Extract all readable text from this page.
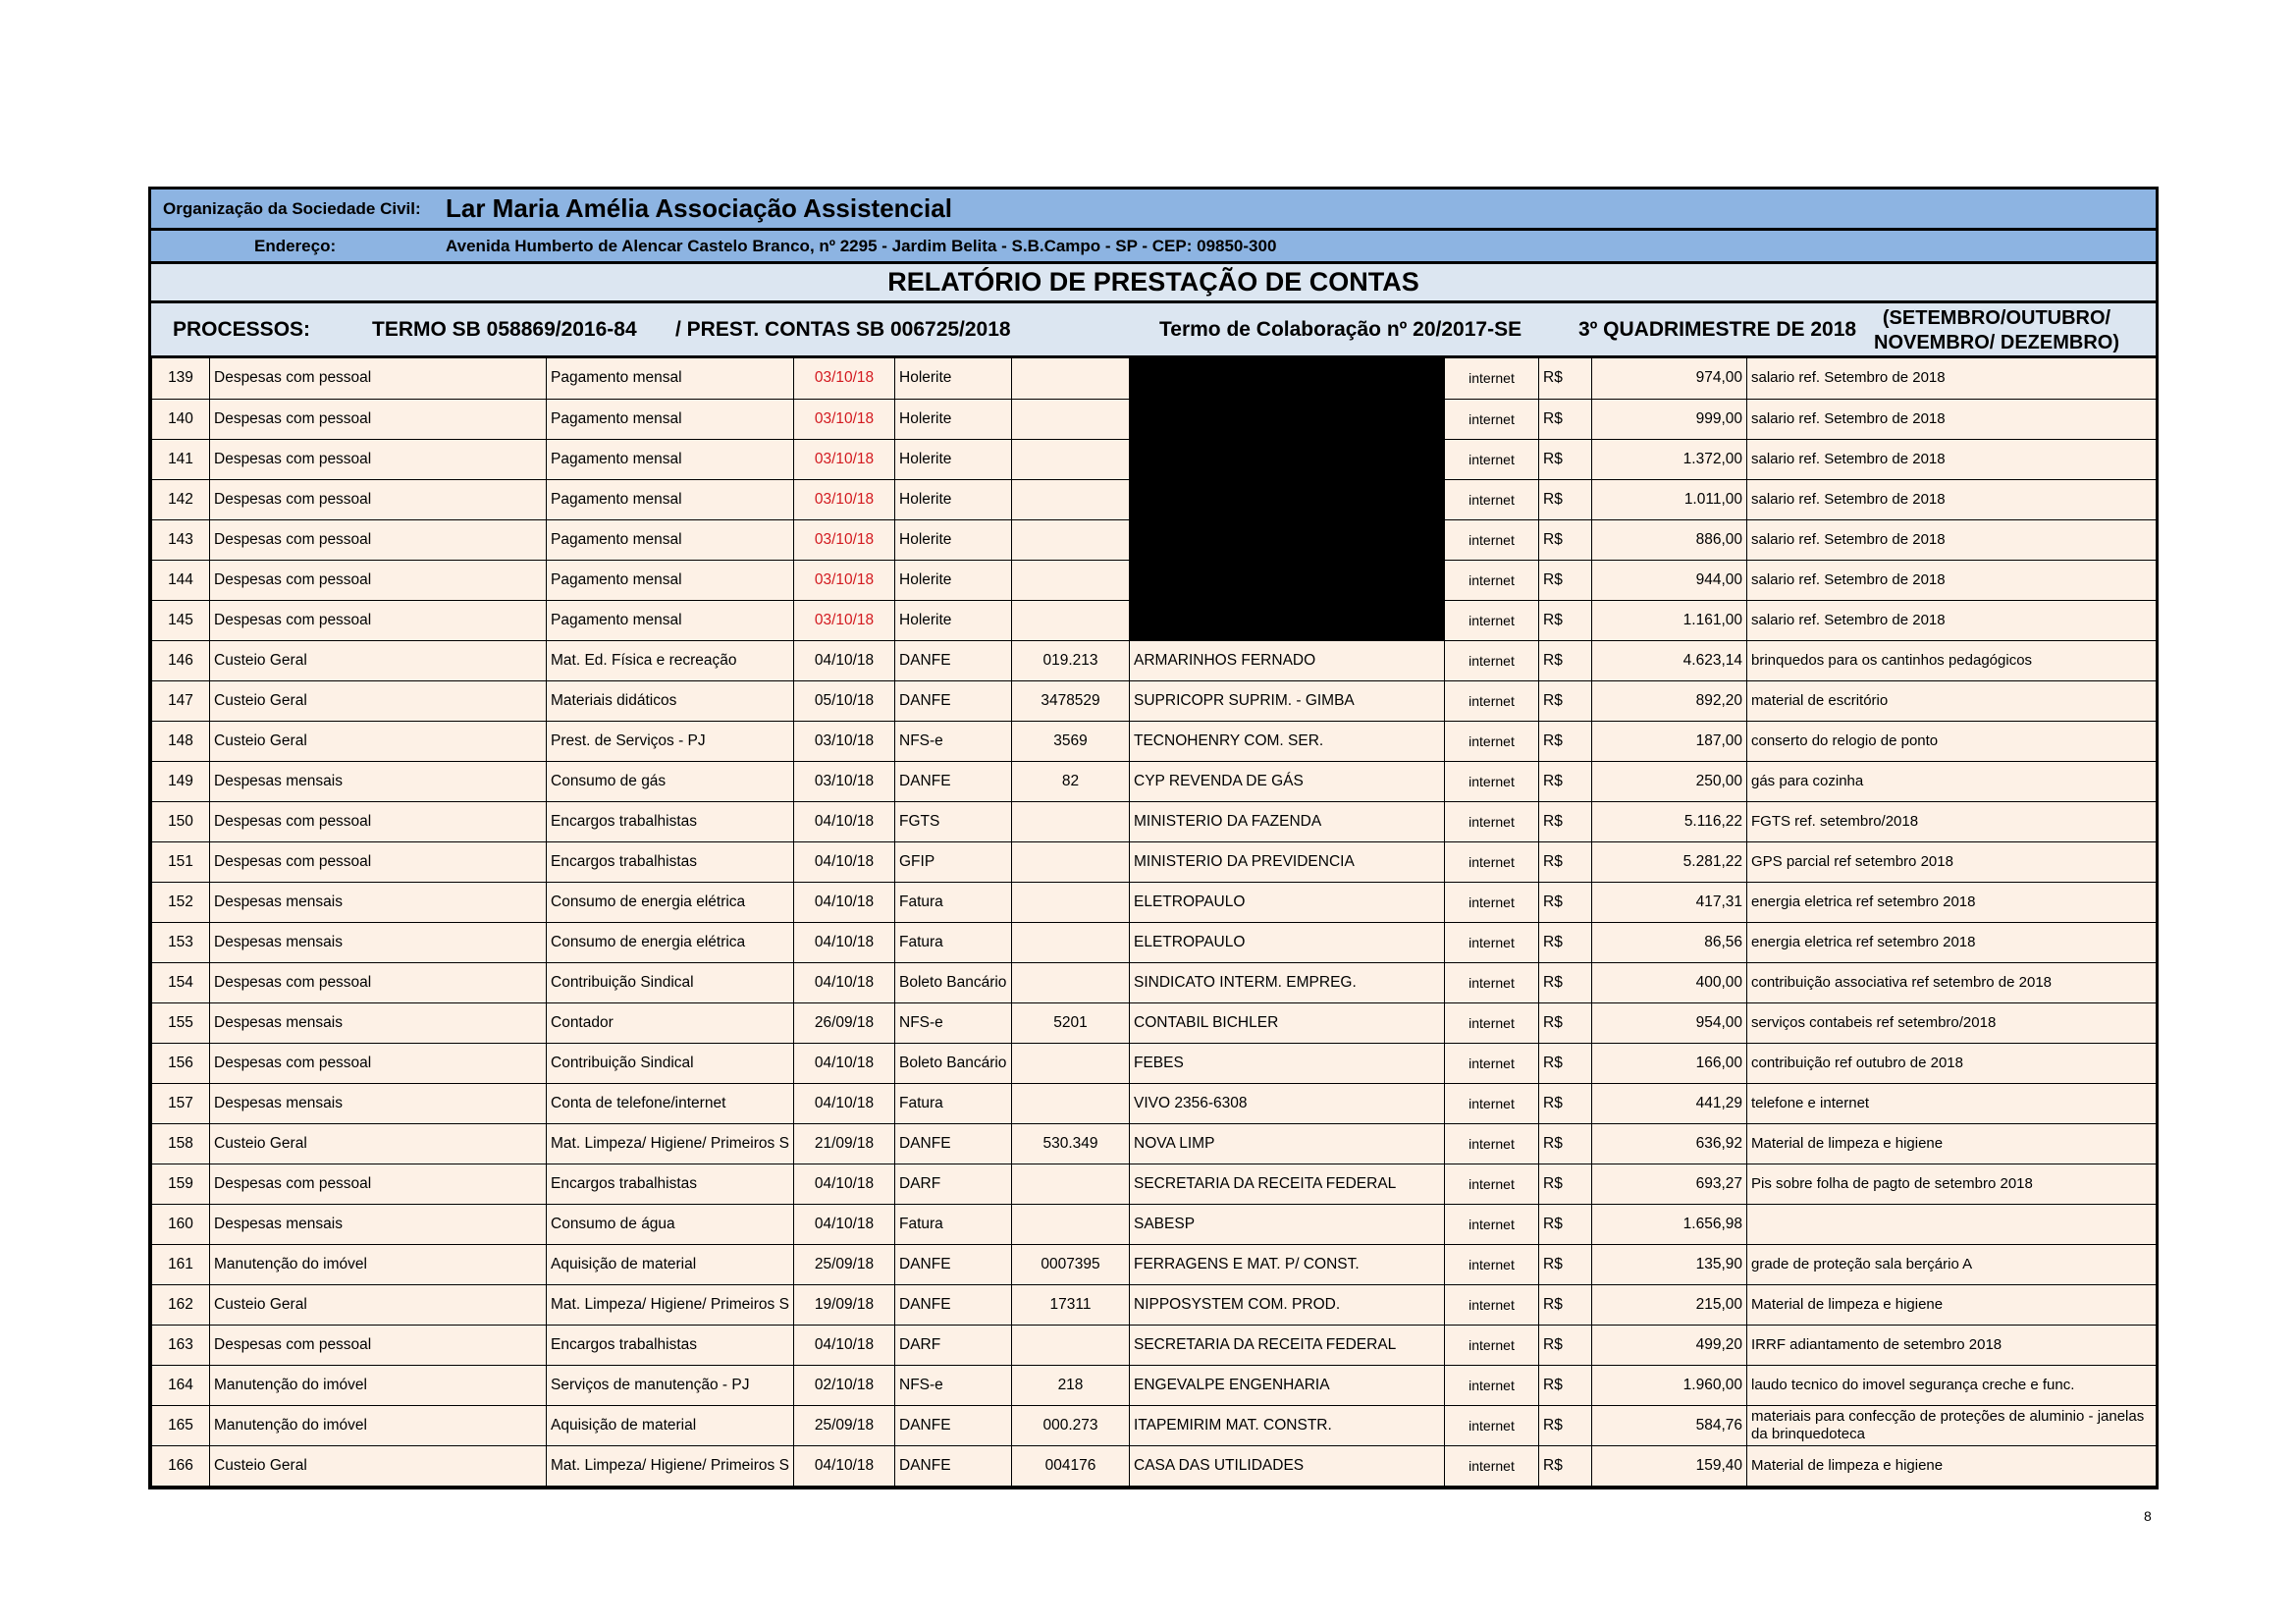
Organização da Sociedade Civil: Lar Maria Amélia Associação Assistencial
Endereço:	Avenida Humberto de Alencar Castelo Branco, nº 2295 - Jardim Belita - S.B.Campo - SP - CEP: 09850-300
RELATÓRIO DE PRESTAÇÃO DE CONTAS
PROCESSOS:	TERMO SB 058869/2016-84 / PREST. CONTAS SB 006725/2018	Termo de Colaboração nº 20/2017-SE	3º QUADRIMESTRE DE 2018	(SETEMBRO/OUTUBRO/
NOVEMBRO/ DEZEMBRO)
139	Despesas com pessoal	Pagamento mensal	03/10/18	Holerite			internet	R$	974,00	salario ref. Setembro de 2018
140	Despesas com pessoal	Pagamento mensal	03/10/18	Holerite			internet	R$	999,00	salario ref. Setembro de 2018
141	Despesas com pessoal	Pagamento mensal	03/10/18	Holerite			internet	R$	1.372,00	salario ref. Setembro de 2018
142	Despesas com pessoal	Pagamento mensal	03/10/18	Holerite			internet	R$	1.011,00	salario ref. Setembro de 2018
143	Despesas com pessoal	Pagamento mensal	03/10/18	Holerite			internet	R$	886,00	salario ref. Setembro de 2018
144	Despesas com pessoal	Pagamento mensal	03/10/18	Holerite			internet	R$	944,00	salario ref. Setembro de 2018
145	Despesas com pessoal	Pagamento mensal	03/10/18	Holerite			internet	R$	1.161,00	salario ref. Setembro de 2018
146	Custeio Geral	Mat. Ed. Física e recreação	04/10/18	DANFE	019.213	ARMARINHOS FERNADO	internet	R$	4.623,14	brinquedos para os cantinhos pedagógicos
147	Custeio Geral	Materiais didáticos	05/10/18	DANFE	3478529	SUPRICOPR SUPRIM. - GIMBA	internet	R$	892,20	material de escritório
148	Custeio Geral	Prest. de Serviços - PJ	03/10/18	NFS-e	3569	TECNOHENRY COM. SER.	internet	R$	187,00	conserto do relogio de ponto
149	Despesas mensais	Consumo de gás	03/10/18	DANFE	82	CYP REVENDA DE GÁS	internet	R$	250,00	gás para cozinha
150	Despesas com pessoal	Encargos trabalhistas	04/10/18	FGTS		MINISTERIO DA FAZENDA	internet	R$	5.116,22	FGTS ref. setembro/2018
151	Despesas com pessoal	Encargos trabalhistas	04/10/18	GFIP		MINISTERIO DA PREVIDENCIA	internet	R$	5.281,22	GPS parcial ref setembro 2018
152	Despesas mensais	Consumo de energia elétrica	04/10/18	Fatura		ELETROPAULO	internet	R$	417,31	energia eletrica ref setembro 2018
153	Despesas mensais	Consumo de energia elétrica	04/10/18	Fatura		ELETROPAULO	internet	R$	86,56	energia eletrica ref setembro 2018
154	Despesas com pessoal	Contribuição Sindical	04/10/18	Boleto Bancário		SINDICATO INTERM. EMPREG.	internet	R$	400,00	contribuição associativa ref setembro de 2018
155	Despesas mensais	Contador	26/09/18	NFS-e	5201	CONTABIL BICHLER	internet	R$	954,00	serviços contabeis ref setembro/2018
156	Despesas com pessoal	Contribuição Sindical	04/10/18	Boleto Bancário		FEBES	internet	R$	166,00	contribuição ref outubro de 2018
157	Despesas mensais	Conta de telefone/internet	04/10/18	Fatura		VIVO 2356-6308	internet	R$	441,29	telefone e internet
158	Custeio Geral	Mat. Limpeza/ Higiene/ Primeiros S	21/09/18	DANFE	530.349	NOVA LIMP	internet	R$	636,92	Material de limpeza e higiene
159	Despesas com pessoal	Encargos trabalhistas	04/10/18	DARF		SECRETARIA DA RECEITA FEDERAL	internet	R$	693,27	Pis sobre folha de pagto de setembro 2018
160	Despesas mensais	Consumo de água	04/10/18	Fatura		SABESP	internet	R$	1.656,98	
161	Manutenção do imóvel	Aquisição de material	25/09/18	DANFE	0007395	FERRAGENS E MAT. P/ CONST.	internet	R$	135,90	grade de proteção sala berçário A
162	Custeio Geral	Mat. Limpeza/ Higiene/ Primeiros S	19/09/18	DANFE	17311	NIPPOSYSTEM COM. PROD.	internet	R$	215,00	Material de limpeza e higiene
163	Despesas com pessoal	Encargos trabalhistas	04/10/18	DARF		SECRETARIA DA RECEITA FEDERAL	internet	R$	499,20	IRRF adiantamento de setembro 2018
164	Manutenção do imóvel	Serviços de manutenção - PJ	02/10/18	NFS-e	218	ENGEVALPE ENGENHARIA	internet	R$	1.960,00	laudo tecnico do imovel segurança creche e func.
165	Manutenção do imóvel	Aquisição de material	25/09/18	DANFE	000.273	ITAPEMIRIM MAT. CONSTR.	internet	R$	584,76	materiais para confecção de proteções de aluminio - janelas da brinquedoteca
166	Custeio Geral	Mat. Limpeza/ Higiene/ Primeiros S	04/10/18	DANFE	004176	CASA DAS UTILIDADES	internet	R$	159,40	Material de limpeza e higiene
8
